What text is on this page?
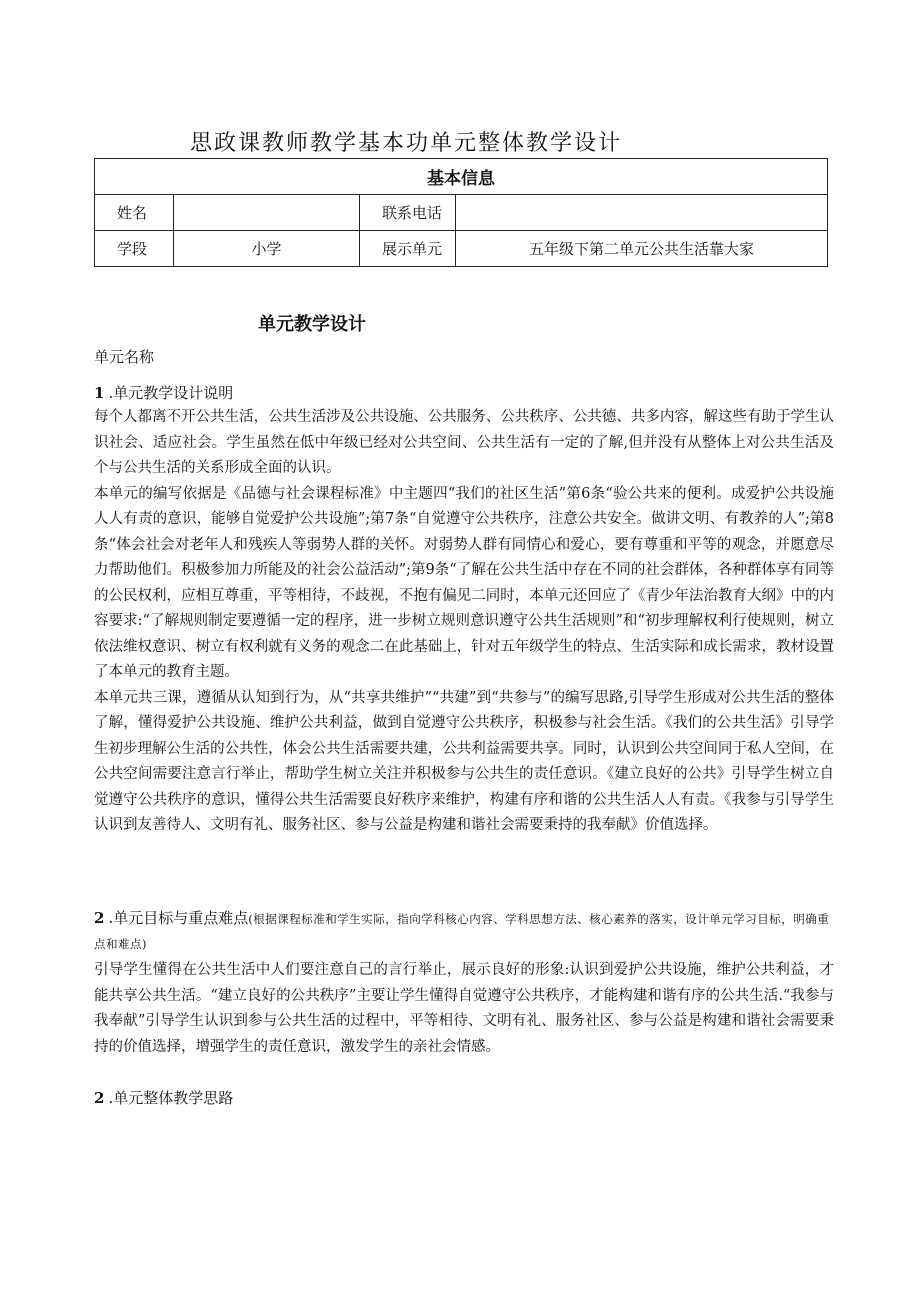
思政课教师教学基本功单元整体教学设计
基本信息			
姓名		联系电话	
学段	小学	展示单元	五年级下第二单元公共生活靠大家
单元教学设计
单元名称
1 .单元教学设计说明

每个人都离不开公共生活，公共生活涉及公共设施、公共服务、公共秩序、公共德、共多内容，解这些有助于学生认识社会、适应社会。学生虽然在低中年级已经对公共空间、公共生活有一定的了解,但并没有从整体上对公共生活及个与公共生活的关系形成全面的认识。

本单元的编写依据是《品德与社会课程标准》中主题四“我们的社区生活”第6条“验公共来的便利。成爱护公共设施人人有责的意识，能够自觉爱护公共设施”;第7条“自觉遵守公共秩序，注意公共安全。做讲文明、有教养的人”;第8条“体会社会对老年人和残疾人等弱势人群的关怀。对弱势人群有同情心和爱心，要有尊重和平等的观念，并愿意尽力帮助他们。积极参加力所能及的社会公益活动”;第9条“了解在公共生活中存在不同的社会群体，各种群体享有同等的公民权利，应相互尊重，平等相待，不歧视，不抱有偏见二同时，本单元还回应了《青少年法治教育大纲》中的内容要求:“了解规则制定要遵循一定的程序，进一步树立规则意识遵守公共生活规则”和“初步理解权利行使规则，树立依法维权意识、树立有权利就有义务的观念二在此基础上，针对五年级学生的特点、生活实际和成长需求，教材设置了本单元的教育主题。

本单元共三课，遵循从认知到行为，从“共享共维护”“共建”到“共参与”的编写思路,引导学生形成对公共生活的整体了解，懂得爱护公共设施、维护公共利益，做到自觉遵守公共秩序，积极参与社会生活。《我们的公共生活》引导学生初步理解公生活的公共性，体会公共生活需要共建，公共利益需要共享。同时，认识到公共空间同于私人空间，在公共空间需要注意言行举止，帮助学生树立关注并积极参与公共生的责任意识。《建立良好的公共》引导学生树立自觉遵守公共秩序的意识，懂得公共生活需要良好秩序来维护，构建有序和谐的公共生活人人有责。《我参与引导学生认识到友善待人、文明有礼、服务社区、参与公益是构建和谐社会需要秉持的我奉献》价值选择。

2 .单元目标与重点难点(根据课程标准和学生实际，指向学科核心内容、学科思想方法、核心素养的落实，设计单元学习目标，明确重点和难点)

引导学生懂得在公共生活中人们要注意自己的言行举止，展示良好的形象:认识到爱护公共设施，维护公共利益，才能共享公共生活。“建立良好的公共秩序”主要让学生懂得自觉遵守公共秩序，才能构建和谐有序的公共生活.“我参与我奉献”引导学生认识到参与公共生活的过程中，平等相待、文明有礼、服务社区、参与公益是构建和谐社会需要秉持的价值选择，增强学生的责任意识，激发学生的亲社会情感。

2 .单元整体教学思路
